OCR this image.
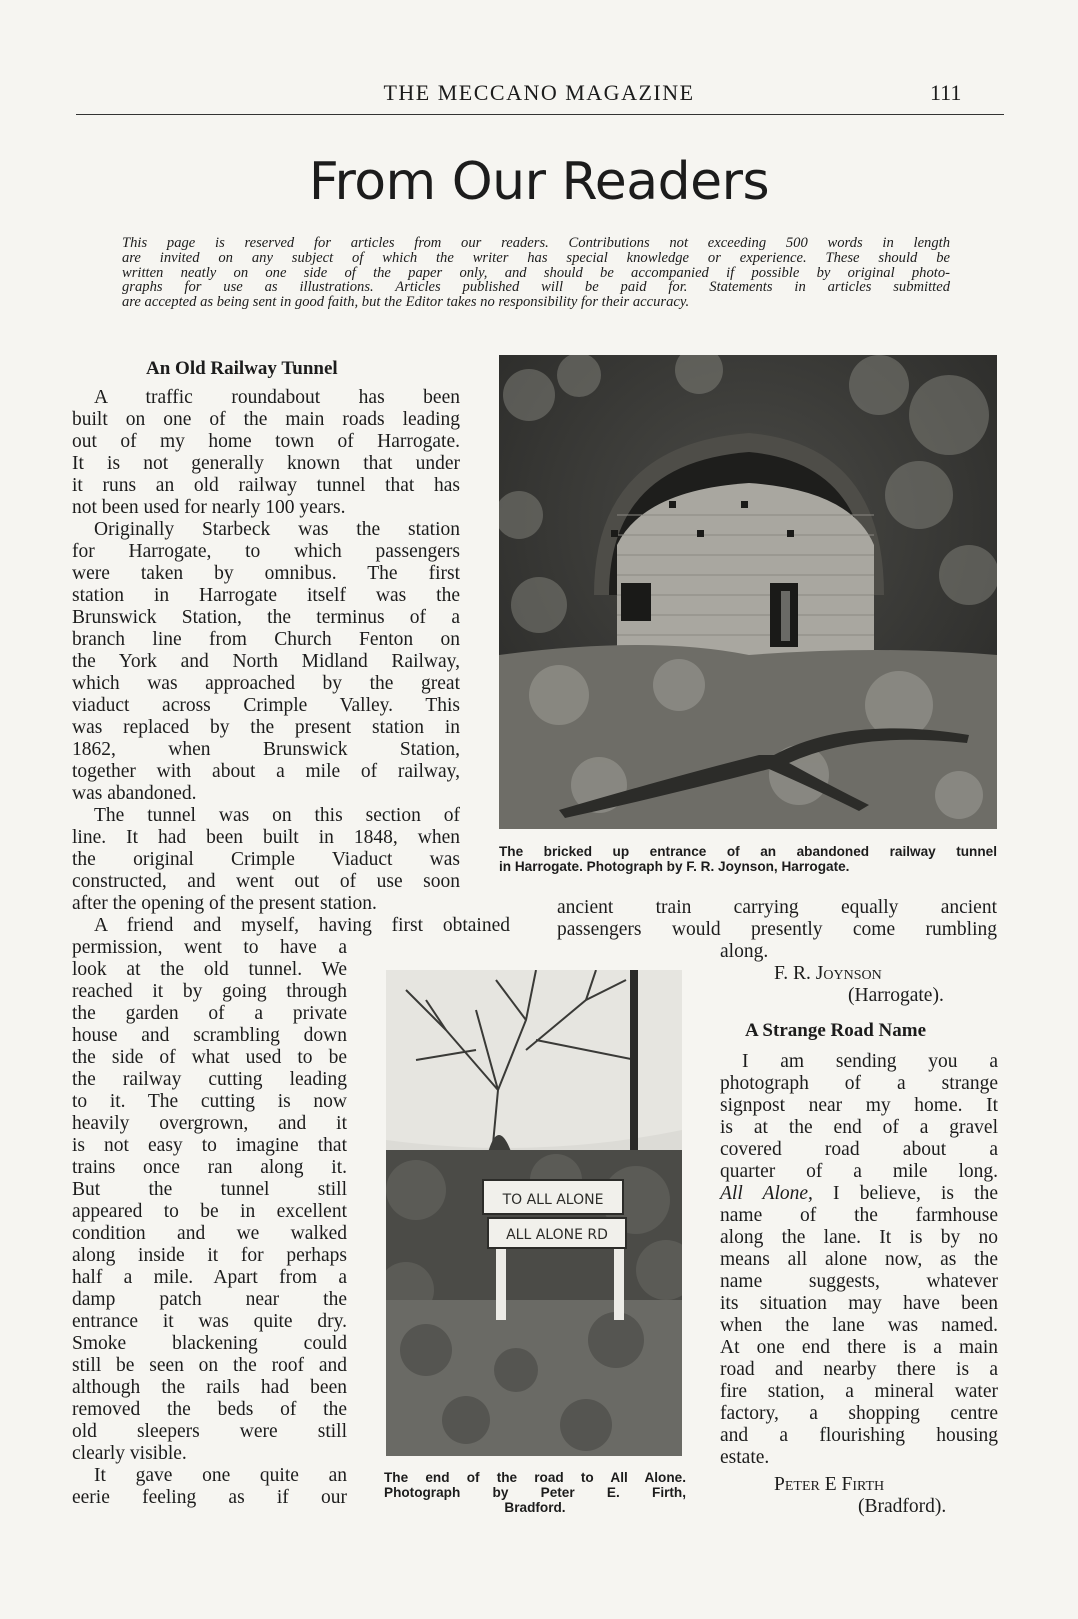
THE MECCANO MAGAZINE	111
From Our Readers
This page is reserved for articles from our readers. Contributions not exceeding 500 words in length
are invited on any subject of which the writer has special knowledge or experience. These should be
written neatly on one side of the paper only, and should be accompanied if possible by original photo-
graphs for use as illustrations. Articles published will be paid for. Statements in articles submitted
are accepted as being sent in good faith, but the Editor takes no responsibility for their accuracy.
An Old Railway Tunnel

A traffic roundabout has been

built on one of the main roads leading

out of my home town of Harrogate.

It is not generally known that under

it runs an old railway tunnel that has

not been used for nearly 100 years.

Originally Starbeck was the station

for Harrogate, to which passengers

were taken by omnibus. The first

station in Harrogate itself was the

Brunswick Station, the terminus of a

branch line from Church Fenton on

the York and North Midland Railway,

which was approached by the great

viaduct across Crimple Valley. This

was replaced by the present station in

1862, when Brunswick Station,

together with about a mile of railway,

was abandoned.

The tunnel was on this section of

line. It had been built in 1848, when

the original Crimple Viaduct was

constructed, and went out of use soon

after the opening of the present station.

A friend and myself, having first obtained

permission, went to have a

look at the old tunnel. We

reached it by going through

the garden of a private

house and scrambling down

the side of what used to be

the railway cutting leading

to it. The cutting is now

heavily overgrown, and it

is not easy to imagine that

trains once ran along it.

But the tunnel still

appeared to be in excellent

condition and we walked

along inside it for perhaps

half a mile. Apart from a

damp patch near the

entrance it was quite dry.

Smoke blackening could

still be seen on the roof and

although the rails had been

removed the beds of the

old sleepers were still

clearly visible.

It gave one quite an

eerie feeling as if our

The bricked up entrance of an abandoned railway tunnel

in Harrogate. Photograph by F. R. Joynson, Harrogate.

ancient train carrying equally ancient

passengers would presently come rumbling

along.

F. R. Joynson
(Harrogate).
TO ALL ALONE
ALL ALONE RD

The end of the road to All Alone.

Photograph by Peter E. Firth,

Bradford.

A Strange Road Name

I am sending you a

photograph of a strange

signpost near my home. It

is at the end of a gravel

covered road about a

quarter of a mile long.

All Alone, I believe, is the

name of the farmhouse

along the lane. It is by no

means all alone now, as the

name suggests, whatever

its situation may have been

when the lane was named.

At one end there is a main

road and nearby there is a

fire station, a mineral water

factory, a shopping centre

and a flourishing housing

estate.

Peter E Firth
(Bradford).
